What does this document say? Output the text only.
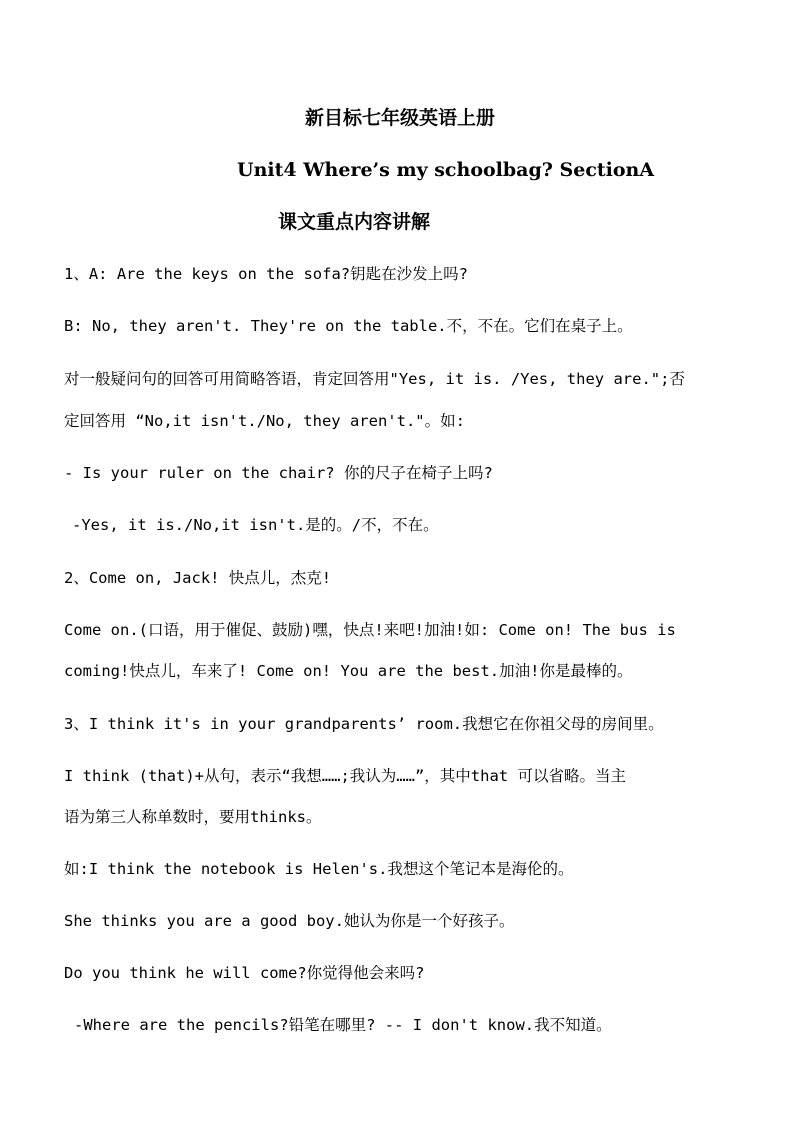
新目标七年级英语上册
Unit4 Where’s my schoolbag? SectionA
课文重点内容讲解
1、A: Are the keys on the sofa?钥匙在沙发上吗?
B: No, they aren't. They're on the table.不，不在。它们在桌子上。
对一般疑问句的回答可用简略答语，肯定回答用"Yes, it is. /Yes, they are.";否
定回答用 “No,it isn't./No, they aren't."。如:
- Is your ruler on the chair? 你的尺子在椅子上吗?
-Yes, it is./No,it isn't.是的。/不，不在。
2、Come on, Jack! 快点儿，杰克!
Come on.(口语，用于催促、鼓励)嘿，快点!来吧!加油!如: Come on! The bus is
coming!快点儿，车来了! Come on! You are the best.加油!你是最棒的。
3、I think it's in your grandparents’ room.我想它在你祖父母的房间里。
I think (that)+从句，表示“我想……;我认为……”，其中that 可以省略。当主
语为第三人称单数时，要用thinks。
如:I think the notebook is Helen's.我想这个笔记本是海伦的。
She thinks you are a good boy.她认为你是一个好孩子。
Do you think he will come?你觉得他会来吗?
-Where are the pencils?铅笔在哪里? -- I don't know.我不知道。
